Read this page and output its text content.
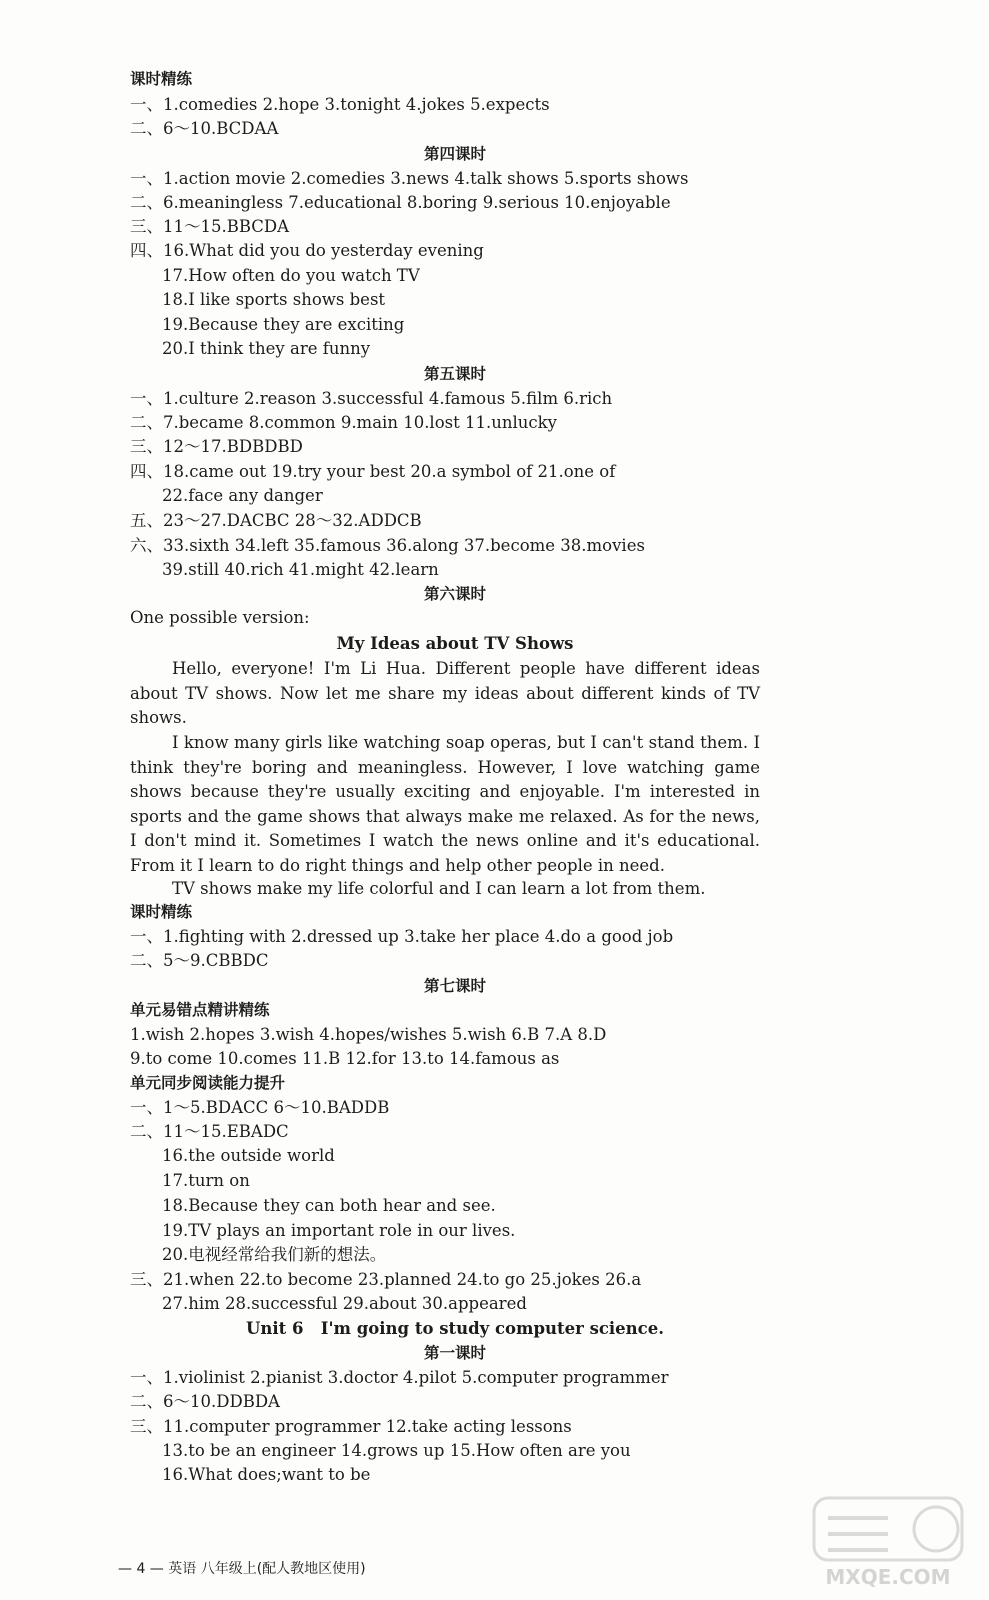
课时精练
一、1.comedies 2.hope 3.tonight 4.jokes 5.expects
二、6～10.BCDAA
第四课时
一、1.action movie 2.comedies 3.news 4.talk shows 5.sports shows
二、6.meaningless 7.educational 8.boring 9.serious 10.enjoyable
三、11～15.BBCDA
四、16.What did you do yesterday evening
17.How often do you watch TV
18.I like sports shows best
19.Because they are exciting
20.I think they are funny
第五课时
一、1.culture 2.reason 3.successful 4.famous 5.film 6.rich
二、7.became 8.common 9.main 10.lost 11.unlucky
三、12～17.BDBDBD
四、18.came out 19.try your best 20.a symbol of 21.one of
22.face any danger
五、23～27.DACBC 28～32.ADDCB
六、33.sixth 34.left 35.famous 36.along 37.become 38.movies
39.still 40.rich 41.might 42.learn
第六课时
One possible version:
My Ideas about TV Shows
Hello, everyone! I'm Li Hua. Different people have different ideas about TV shows. Now let me share my ideas about different kinds of TV shows.
I know many girls like watching soap operas, but I can't stand them. I think they're boring and meaningless. However, I love watching game shows because they're usually exciting and enjoyable. I'm interested in sports and the game shows that always make me relaxed. As for the news, I don't mind it. Sometimes I watch the news online and it's educational. From it I learn to do right things and help other people in need.
TV shows make my life colorful and I can learn a lot from them.
课时精练
一、1.fighting with 2.dressed up 3.take her place 4.do a good job
二、5～9.CBBDC
第七课时
单元易错点精讲精练
1.wish 2.hopes 3.wish 4.hopes/wishes 5.wish 6.B 7.A 8.D
9.to come 10.comes 11.B 12.for 13.to 14.famous as
单元同步阅读能力提升
一、1～5.BDACC 6～10.BADDB
二、11～15.EBADC
16.the outside world
17.turn on
18.Because they can both hear and see.
19.TV plays an important role in our lives.
20.电视经常给我们新的想法。
三、21.when 22.to become 23.planned 24.to go 25.jokes 26.a
27.him 28.successful 29.about 30.appeared
Unit 6   I'm going to study computer science.
第一课时
一、1.violinist 2.pianist 3.doctor 4.pilot 5.computer programmer
二、6～10.DDBDA
三、11.computer programmer 12.take acting lessons
13.to be an engineer 14.grows up 15.How often are you
16.What does;want to be
— 4 — 英语 八年级上(配人教地区使用)	MXQE.COM
